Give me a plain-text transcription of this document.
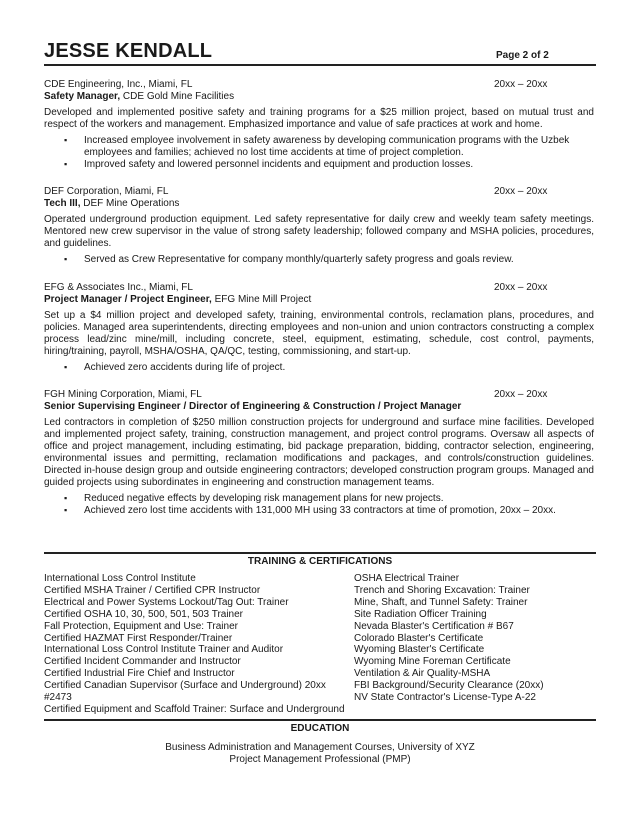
JESSE KENDALL	Page 2 of 2
CDE Engineering, Inc., Miami, FL	20xx – 20xx
Safety Manager, CDE Gold Mine Facilities
Developed and implemented positive safety and training programs for a $25 million project, based on mutual trust and respect of the workers and management. Emphasized importance and value of safe practices at work and home.
▪ Increased employee involvement in safety awareness by developing communication programs with the Uzbek employees and families; achieved no lost time accidents at time of project completion.
▪ Improved safety and lowered personnel incidents and equipment and production losses.
DEF Corporation, Miami, FL	20xx – 20xx
Tech III, DEF Mine Operations
Operated underground production equipment. Led safety representative for daily crew and weekly team safety meetings. Mentored new crew supervisor in the value of strong safety leadership; followed company and MSHA policies, procedures, and guidelines.
▪ Served as Crew Representative for company monthly/quarterly safety progress and goals review.
EFG & Associates Inc., Miami, FL	20xx – 20xx
Project Manager / Project Engineer, EFG Mine Mill Project
Set up a $4 million project and developed safety, training, environmental controls, reclamation plans, procedures, and policies. Managed area superintendents, directing employees and non-union and union contractors constructing a complex process lead/zinc mine/mill, including concrete, steel, equipment, estimating, schedule, cost control, payments, hiring/training, payroll, MSHA/OSHA, QA/QC, testing, commissioning, and start-up.
▪ Achieved zero accidents during life of project.
FGH Mining Corporation, Miami, FL	20xx – 20xx
Senior Supervising Engineer / Director of Engineering & Construction / Project Manager
Led contractors in completion of $250 million construction projects for underground and surface mine facilities. Developed and implemented project safety, training, construction management, and project control programs. Oversaw all aspects of office and project management, including estimating, bid package preparation, bidding, contractor selection, engineering, environmental issues and permitting, reclamation modifications and packages, and controls/construction guidelines. Directed in-house design group and outside engineering contractors; developed construction program groups. Managed and guided projects using subordinates in engineering and construction management teams.
▪ Reduced negative effects by developing risk management plans for new projects.
▪ Achieved zero lost time accidents with 131,000 MH using 33 contractors at time of promotion, 20xx – 20xx.
TRAINING & CERTIFICATIONS
International Loss Control Institute
Certified MSHA Trainer / Certified CPR Instructor
Electrical and Power Systems Lockout/Tag Out: Trainer
Certified OSHA 10, 30, 500, 501, 503 Trainer
Fall Protection, Equipment and Use: Trainer
Certified HAZMAT First Responder/Trainer
International Loss Control Institute Trainer and Auditor
Certified Incident Commander and Instructor
Certified Industrial Fire Chief and Instructor
Certified Canadian Supervisor (Surface and Underground) 20xx #2473
Certified Equipment and Scaffold Trainer: Surface and Underground
OSHA Electrical Trainer
Trench and Shoring Excavation: Trainer
Mine, Shaft, and Tunnel Safety: Trainer
Site Radiation Officer Training
Nevada Blaster's Certification # B67
Colorado Blaster's Certificate
Wyoming Blaster's Certificate
Wyoming Mine Foreman Certificate
Ventilation & Air Quality-MSHA
FBI Background/Security Clearance (20xx)
NV State Contractor's License-Type A-22
EDUCATION
Business Administration and Management Courses, University of XYZ
Project Management Professional (PMP)
